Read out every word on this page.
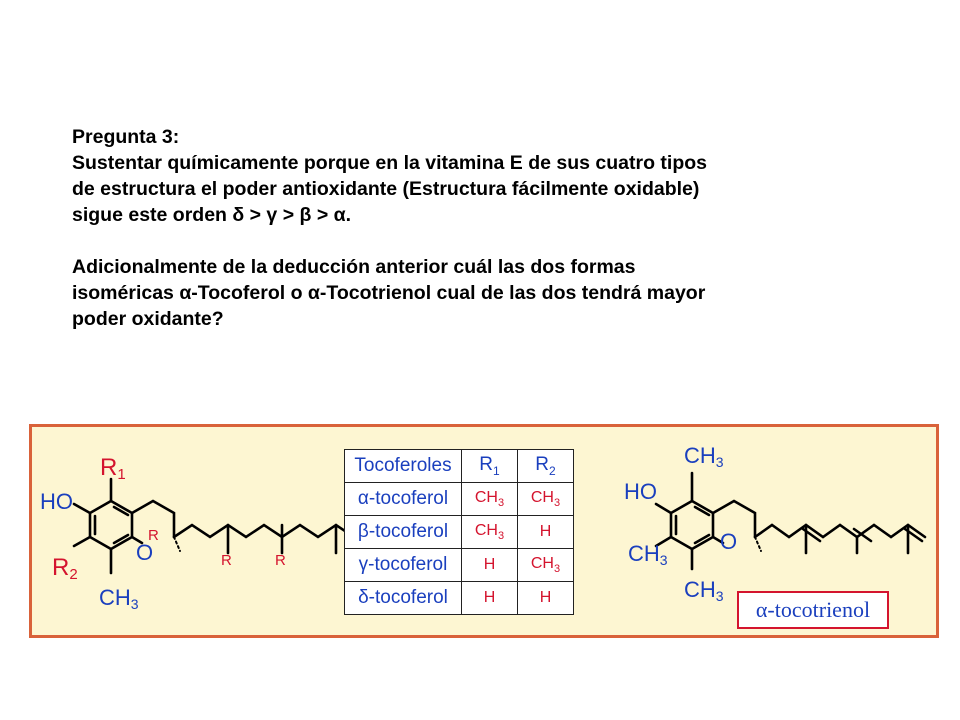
Pregunta 3:

Sustentar químicamente porque en la vitamina E de sus cuatro tipos

de estructura el poder antioxidante (Estructura fácilmente oxidable)

sigue este orden δ > γ > β > α.

Adicionalmente de la deducción anterior cuál las dos formas

isoméricas α-Tocoferol o α-Tocotrienol cual de las dos tendrá mayor

poder oxidante?

R1
HO
R2
O
CH3
R
R	R
CH3
HO
O
CH3
CH3
Tocoferoles	$R_1$	$R_2$
α-tocoferol	$CH_3$	$CH_3$
β-tocoferol	$CH_3$	H
γ-tocoferol	H	$CH_3$
δ-tocoferol	H	H	α-tocotrienol
